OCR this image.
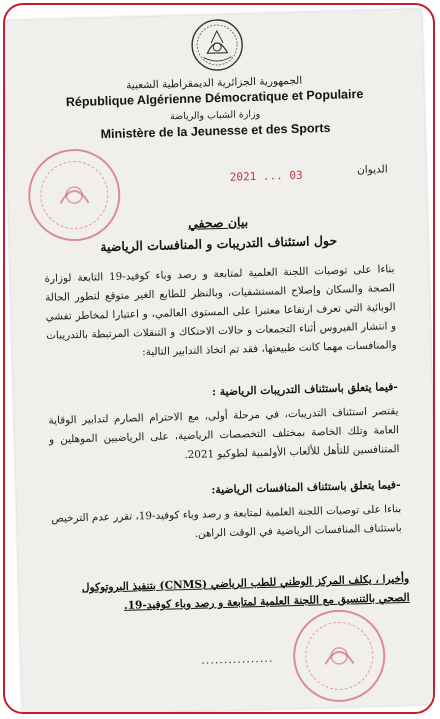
الجمهورية الجزائرية الديمقراطية الشعبية
République Algérienne Démocratique et Populaire
وزارة الشباب والرياضة
Ministère de la Jeunesse et des Sports
الديوان
2021 ... 03
بيان صحفي
حول استئناف التدريبات و المنافسات الرياضية
بناءا على توصيات اللجنة العلمية لمتابعة و رصد وباء كوفيد-19 التابعة لوزارة الصحة والسكان وإصلاح المستشفيات، وبالنظر للطابع الغير متوقع لتطور الحالة الوبائية التي تعرف ارتفاعا معتبرا على المستوى العالمي، و اعتبارا لمخاطر تفشي و انتشار الفيروس أثناء التجمعات و حالات الاحتكاك و التنقلات المرتبطة بالتدريبات والمنافسات مهما كانت طبيعتها، فقد تم اتخاذ التدابير التالية:
-فيما يتعلق باستئناف التدريبات الرياضية :
يقتصر استئناف التدريبات، في مرحلة أولى، مع الاحترام الصارم لتدابير الوقاية العامة وتلك الخاصة بمختلف التخصصات الرياضية، على الرياضيين الموهلين و المتنافسين للتأهل للألعاب الأولمبية لطوكيو 2021.
-فيما يتعلق باستئناف المنافسات الرياضية:
بناءا على توصيات اللجنة العلمية لمتابعة و رصد وباء كوفيد-19، تقرر عدم الترخيص باستئناف المنافسات الرياضية في الوقت الراهن.
وأخيرا ، يكلف المركز الوطني للطب الرياضي (CNMS) بتنفيذ البروتوكول الصحي بالتنسيق مع اللجنة العلمية لمتابعة و رصد وباء كوفيد-19.
................
